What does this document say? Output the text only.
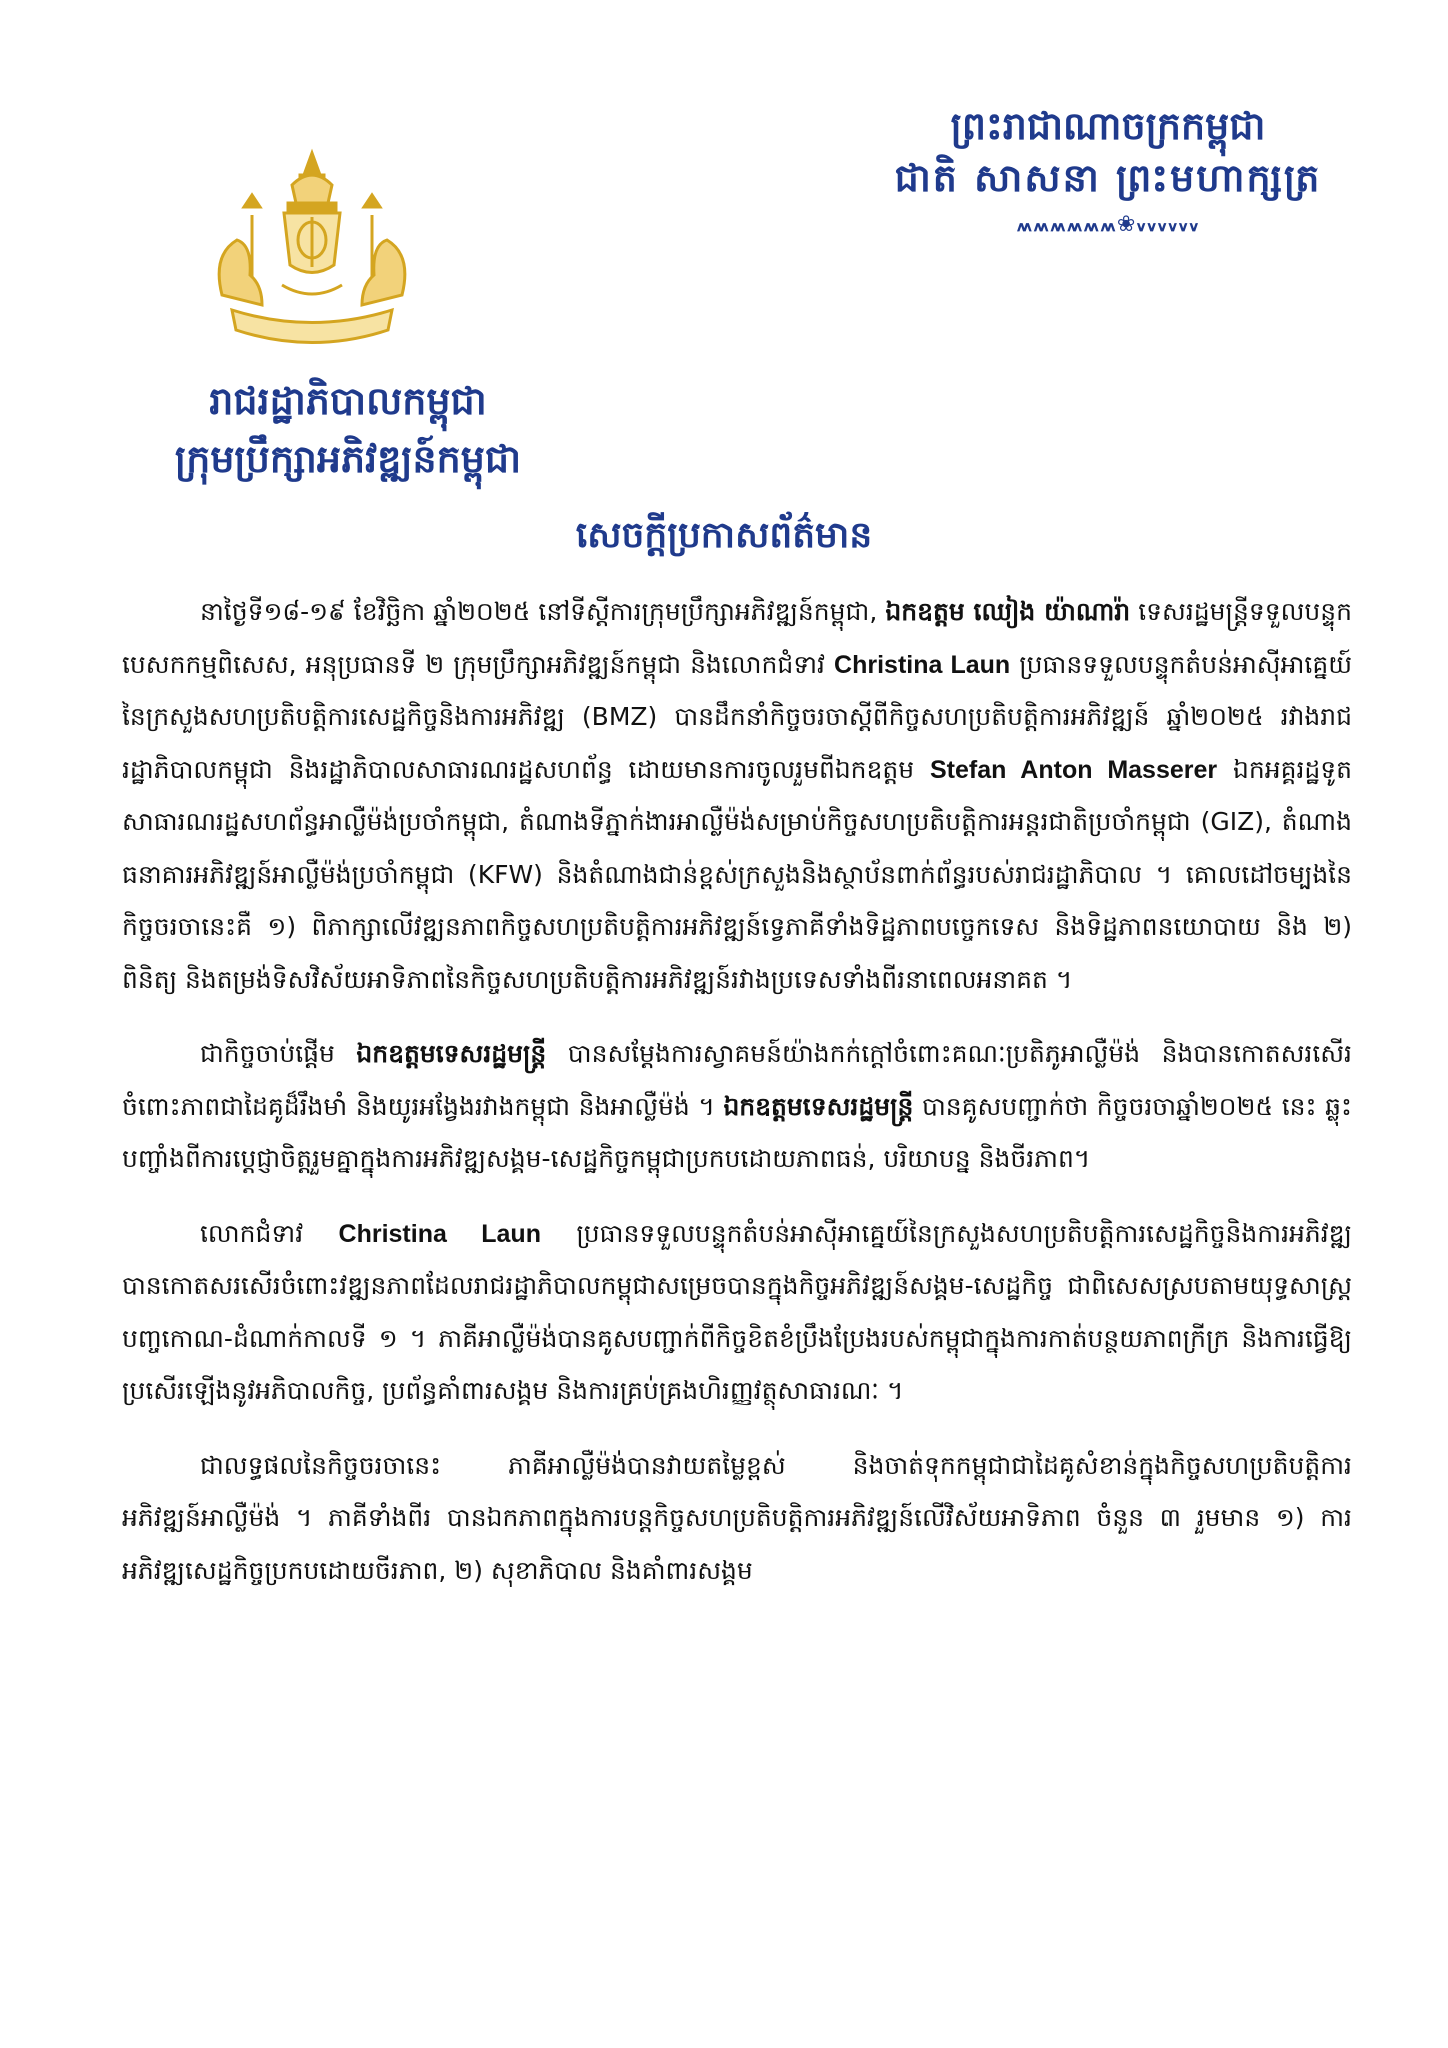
ព្រះរាជាណាចក្រកម្ពុជា
ជាតិ សាសនា ព្រះមហាក្សត្រ
៳៳៳៳៳៳❀៴៴៴៴៴៴
រាជរដ្ឋាភិបាលកម្ពុជា
ក្រុមប្រឹក្សាអភិវឌ្ឍន៍កម្ពុជា
សេចក្ដីប្រកាសព័ត៌មាន

នាថ្ងៃទី១៨-១៩ ខែវិច្ឆិកា ឆ្នាំ២០២៥ នៅទីស្ដីការក្រុមប្រឹក្សាអភិវឌ្ឍន៍កម្ពុជា, ឯកឧត្តម ឈៀង យ៉ាណារ៉ា ទេសរដ្ឋមន្ត្រីទទួលបន្ទុកបេសកកម្មពិសេស, អនុប្រធានទី ២ ក្រុមប្រឹក្សាអភិវឌ្ឍន៍កម្ពុជា និងលោកជំទាវ Christina Laun ប្រធានទទួលបន្ទុកតំបន់អាស៊ីអាគ្នេយ៍នៃក្រសួងសហប្រតិបត្តិការសេដ្ឋកិច្ចនិងការអភិវឌ្ឍ (BMZ) បានដឹកនាំកិច្ចចរចាស្ដីពីកិច្ចសហប្រតិបត្តិការអភិវឌ្ឍន៍ ឆ្នាំ២០២៥ រវាងរាជរដ្ឋាភិបាលកម្ពុជា និងរដ្ឋាភិបាលសាធារណរដ្ឋសហព័ន្ធ ដោយមានការចូលរួមពីឯកឧត្តម Stefan Anton Masserer ឯកអគ្គរដ្ឋទូតសាធារណរដ្ឋសហព័ន្ធអាល្លឺម៉ង់ប្រចាំកម្ពុជា, តំណាងទីភ្នាក់ងារអាល្លឺម៉ង់សម្រាប់កិច្ចសហប្រតិបត្តិការអន្តរជាតិប្រចាំកម្ពុជា (GIZ), តំណាងធនាគារអភិវឌ្ឍន៍អាល្លឺម៉ង់ប្រចាំកម្ពុជា (KFW) និងតំណាងជាន់ខ្ពស់ក្រសួងនិងស្ថាប័នពាក់ព័ន្ធរបស់រាជរដ្ឋាភិបាល ។ គោលដៅចម្បងនៃកិច្ចចរចានេះគឺ ១) ពិភាក្សាលើវឌ្ឍនភាពកិច្ចសហប្រតិបត្តិការអភិវឌ្ឍន៍ទ្វេភាគីទាំងទិដ្ឋភាពបច្ចេកទេស និងទិដ្ឋភាពនយោបាយ និង ២) ពិនិត្យ និងតម្រង់ទិសវិស័យអាទិភាពនៃកិច្ចសហប្រតិបត្តិការអភិវឌ្ឍន៍រវាងប្រទេសទាំងពីរនាពេលអនាគត ។

ជាកិច្ចចាប់ផ្ដើម ឯកឧត្តមទេសរដ្ឋមន្ត្រី បានសម្ដែងការស្វាគមន៍យ៉ាងកក់ក្ដៅចំពោះគណៈប្រតិភូអាល្លឺម៉ង់ និងបានកោតសរសើរចំពោះភាពជាដៃគូដ៏រឹងមាំ និងយូរអង្វែងរវាងកម្ពុជា និងអាល្លឺម៉ង់ ។ ឯកឧត្តមទេសរដ្ឋមន្ត្រី បានគូសបញ្ជាក់ថា កិច្ចចរចាឆ្នាំ២០២៥ នេះ ឆ្លុះបញ្ចាំងពីការប្ដេជ្ញាចិត្តរួមគ្នាក្នុងការអភិវឌ្ឍសង្គម-សេដ្ឋកិច្ចកម្ពុជាប្រកបដោយភាពធន់, បរិយាបន្ន និងចីរភាព។

លោកជំទាវ Christina Laun ប្រធានទទួលបន្ទុកតំបន់អាស៊ីអាគ្នេយ៍នៃក្រសួងសហប្រតិបត្តិការសេដ្ឋកិច្ចនិងការអភិវឌ្ឍ បានកោតសរសើរចំពោះវឌ្ឍនភាពដែលរាជរដ្ឋាភិបាលកម្ពុជាសម្រេចបានក្នុងកិច្ចអភិវឌ្ឍន៍សង្គម-សេដ្ឋកិច្ច ជាពិសេសស្របតាមយុទ្ធសាស្ត្របញ្ចកោណ-ដំណាក់កាលទី ១ ។ ភាគីអាល្លឺម៉ង់បានគូសបញ្ជាក់ពីកិច្ចខិតខំប្រឹងប្រែងរបស់កម្ពុជាក្នុងការកាត់បន្ថយភាពក្រីក្រ និងការធ្វើឱ្យប្រសើរឡើងនូវអភិបាលកិច្ច, ប្រព័ន្ធគាំពារសង្គម និងការគ្រប់គ្រងហិរញ្ញវត្ថុសាធារណៈ ។

ជាលទ្ធផលនៃកិច្ចចរចានេះ ភាគីអាល្លឺម៉ង់បានវាយតម្លៃខ្ពស់ និងចាត់ទុកកម្ពុជាជាដៃគូសំខាន់ក្នុងកិច្ចសហប្រតិបត្តិការអភិវឌ្ឍន៍អាល្លឺម៉ង់ ។ ភាគីទាំងពីរ បានឯកភាពក្នុងការបន្តកិច្ចសហប្រតិបត្តិការអភិវឌ្ឍន៍លើវិស័យអាទិភាព ចំនួន ៣ រួមមាន ១) ការអភិវឌ្ឍសេដ្ឋកិច្ចប្រកបដោយចីរភាព, ២) សុខាភិបាល និងគាំពារសង្គម
